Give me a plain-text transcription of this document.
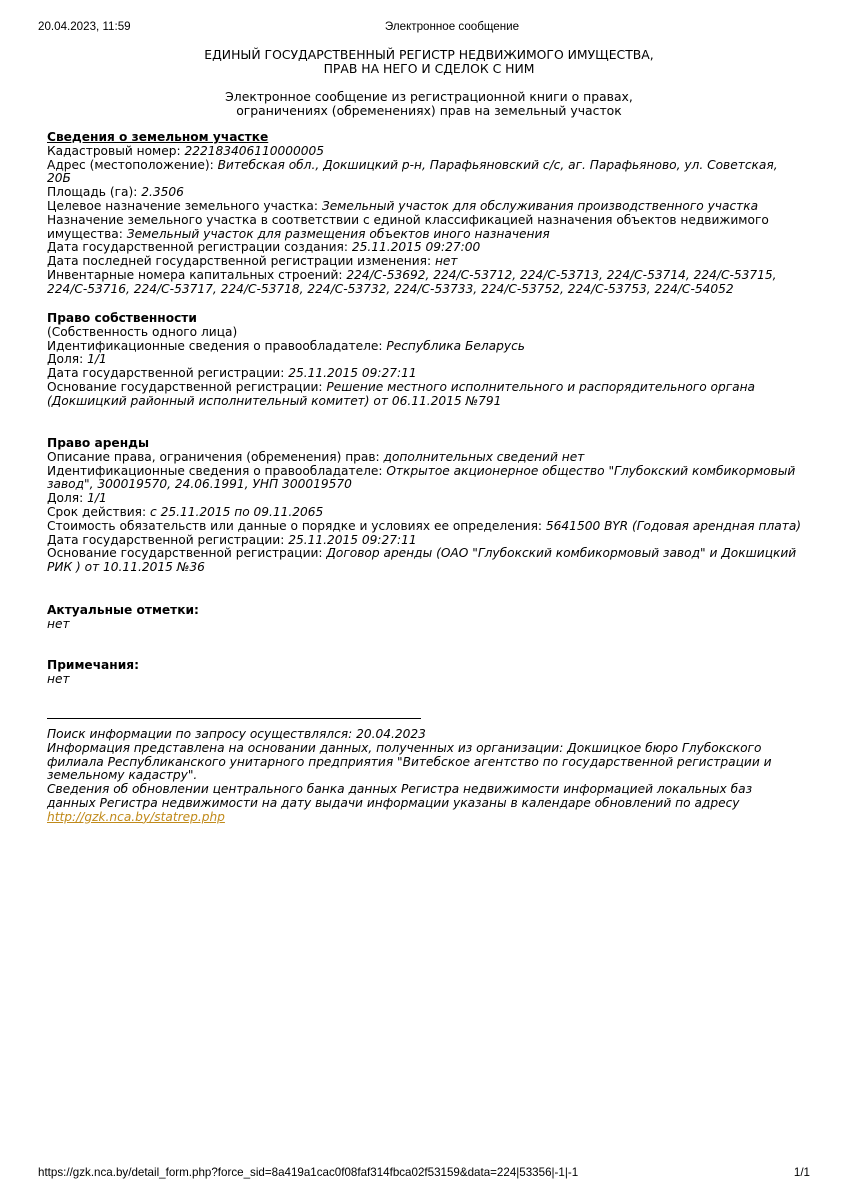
20.04.2023, 11:59	Электронное сообщение
ЕДИНЫЙ ГОСУДАРСТВЕННЫЙ РЕГИСТР НЕДВИЖИМОГО ИМУЩЕСТВА,
ПРАВ НА НЕГО И СДЕЛОК С НИМ
Электронное сообщение из регистрационной книги о правах,
ограничениях (обременениях) прав на земельный участок
Сведения о земельном участке
Кадастровый номер: 222183406110000005
Адрес (местоположение): Витебская обл., Докшицкий р-н, Парафьяновский с/с, аг. Парафьяново, ул. Советская, 20Б
Площадь (га): 2.3506
Целевое назначение земельного участка: Земельный участок для обслуживания производственного участка
Назначение земельного участка в соответствии с единой классификацией назначения объектов недвижимого имущества: Земельный участок для размещения объектов иного назначения
Дата государственной регистрации создания: 25.11.2015 09:27:00
Дата последней государственной регистрации изменения: нет
Инвентарные номера капитальных строений: 224/C-53692, 224/C-53712, 224/C-53713, 224/C-53714, 224/C-53715, 224/C-53716, 224/C-53717, 224/C-53718, 224/C-53732, 224/C-53733, 224/C-53752, 224/C-53753, 224/C-54052
Право собственности
(Собственность одного лица)
Идентификационные сведения о правообладателе: Республика Беларусь
Доля: 1/1
Дата государственной регистрации: 25.11.2015 09:27:11
Основание государственной регистрации: Решение местного исполнительного и распорядительного органа (Докшицкий районный исполнительный комитет) от 06.11.2015 №791
Право аренды
Описание права, ограничения (обременения) прав: дополнительных сведений нет
Идентификационные сведения о правообладателе: Открытое акционерное общество "Глубокский комбикормовый завод", 300019570, 24.06.1991, УНП 300019570
Доля: 1/1
Срок действия: с 25.11.2015 по 09.11.2065
Стоимость обязательств или данные о порядке и условиях ее определения: 5641500 BYR (Годовая арендная плата)
Дата государственной регистрации: 25.11.2015 09:27:11
Основание государственной регистрации: Договор аренды (ОАО "Глубокский комбикормовый завод" и Докшицкий РИК ) от 10.11.2015 №36
Актуальные отметки:
нет
Примечания:
нет
Поиск информации по запросу осуществлялся: 20.04.2023
Информация представлена на основании данных, полученных из организации: Докшицкое бюро Глубокского филиала Республиканского унитарного предприятия "Витебское агентство по государственной регистрации и земельному кадастру".
Сведения об обновлении центрального банка данных Регистра недвижимости информацией локальных баз данных Регистра недвижимости на дату выдачи информации указаны в календаре обновлений по адресу
http://gzk.nca.by/statrep.php
https://gzk.nca.by/detail_form.php?force_sid=8a419a1cac0f08faf314fbca02f53159&data=224|53356|-1|-1	1/1
